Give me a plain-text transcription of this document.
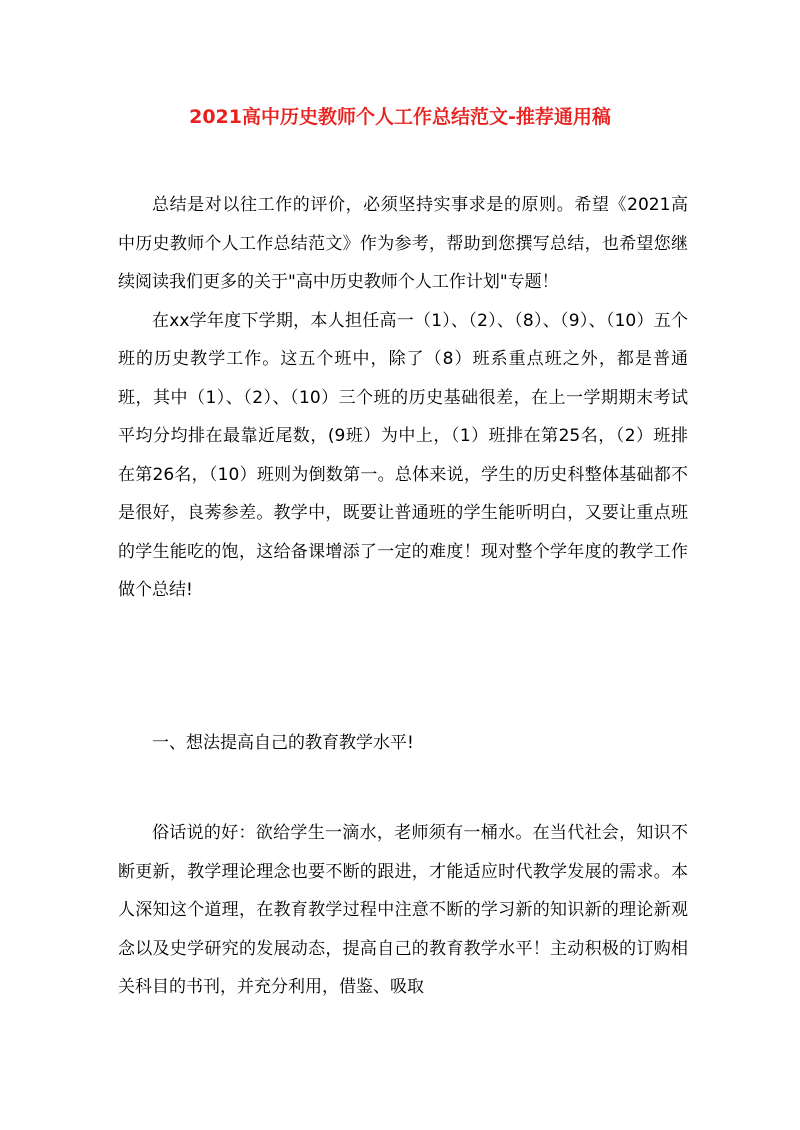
2021高中历史教师个人工作总结范文-推荐通用稿

总结是对以往工作的评价，必须坚持实事求是的原则。希望《2021高中历史教师个人工作总结范文》作为参考，帮助到您撰写总结，也希望您继续阅读我们更多的关于"高中历史教师个人工作计划"专题！

在xx学年度下学期，本人担任高一（1）、（2）、（8）、（9）、（10）五个班的历史教学工作。这五个班中，除了（8）班系重点班之外，都是普通班，其中（1）、（2）、（10）三个班的历史基础很差，在上一学期期末考试平均分均排在最靠近尾数，(9班）为中上，（1）班排在第25名，（2）班排在第26名，（10）班则为倒数第一。总体来说，学生的历史科整体基础都不是很好，良莠参差。教学中，既要让普通班的学生能听明白，又要让重点班的学生能吃的饱，这给备课增添了一定的难度！现对整个学年度的教学工作做个总结!

一、想法提高自己的教育教学水平!

俗话说的好：欲给学生一滴水，老师须有一桶水。在当代社会，知识不断更新，教学理论理念也要不断的跟进，才能适应时代教学发展的需求。本人深知这个道理，在教育教学过程中注意不断的学习新的知识新的理论新观念以及史学研究的发展动态，提高自己的教育教学水平！主动积极的订购相关科目的书刊，并充分利用，借鉴、吸取
